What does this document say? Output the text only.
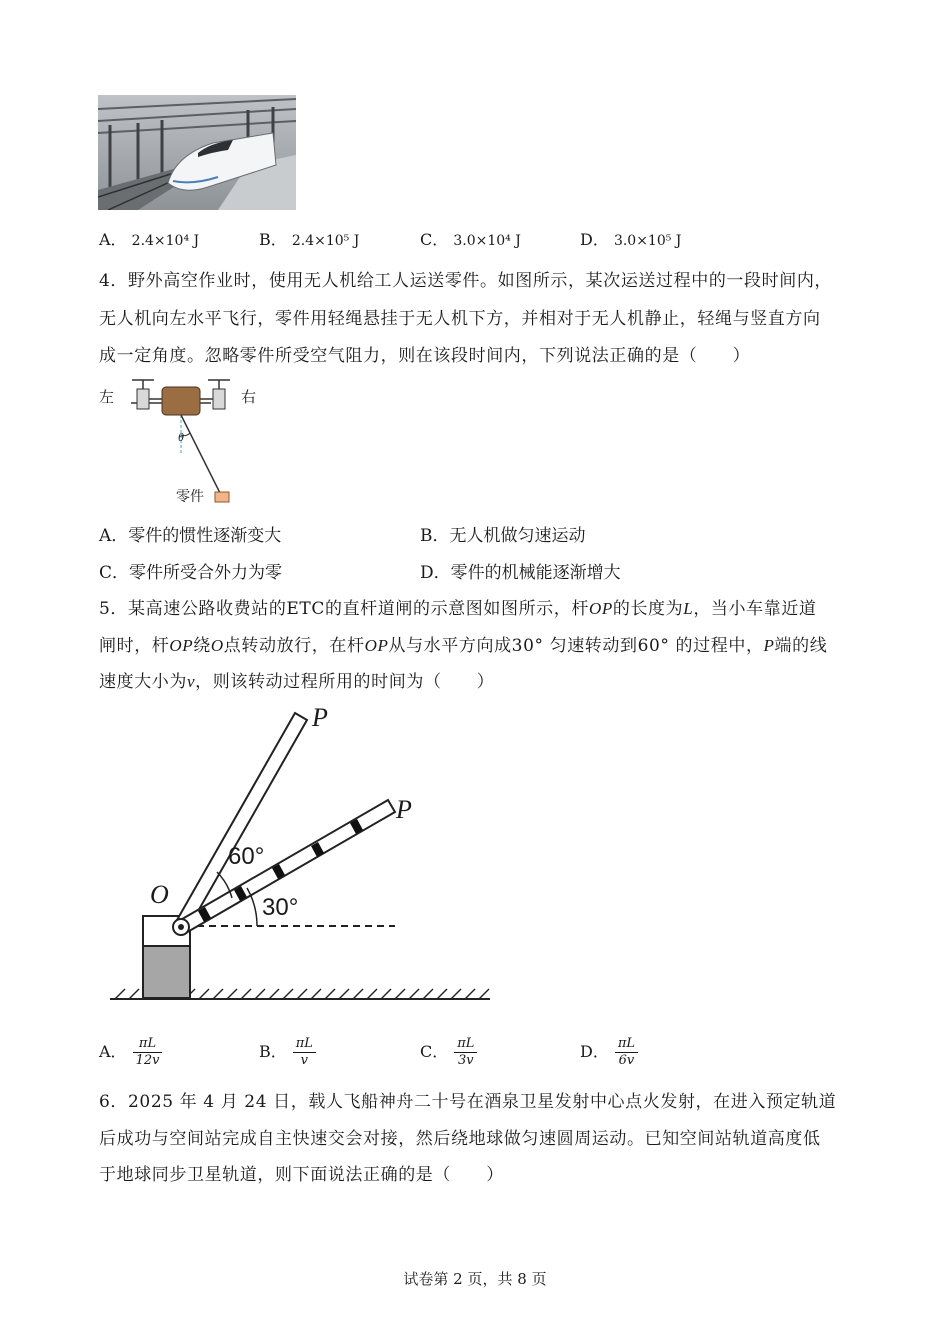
A． 2.4×10⁴ J	B． 2.4×10⁵ J	C． 3.0×10⁴ J	D． 3.0×10⁵ J
4．野外高空作业时，使用无人机给工人运送零件。如图所示，某次运送过程中的一段时间内，
无人机向左水平飞行，零件用轻绳悬挂于无人机下方，并相对于无人机静止，轻绳与竖直方向
成一定角度。忽略零件所受空气阻力，则在该段时间内，下列说法正确的是（　　）
左	右
θ
零件
A．零件的惯性逐渐变大	B．无人机做匀速运动
C．零件所受合外力为零	D．零件的机械能逐渐增大
5．某高速公路收费站的ETC的直杆道闸的示意图如图所示，杆OP的长度为L，当小车靠近道
闸时，杆OP绕O点转动放行，在杆OP从与水平方向成30° 匀速转动到60° 的过程中，P端的线
速度大小为v，则该转动过程所用的时间为（　　）
P
P
O
60°
30°
A． $\frac{\pi L}{12v}$	B． $\frac{\pi L}{v}$	C． $\frac{\pi L}{3v}$	D． $\frac{\pi L}{6v}$
6．2025 年 4 月 24 日，载人飞船神舟二十号在酒泉卫星发射中心点火发射，在进入预定轨道
后成功与空间站完成自主快速交会对接，然后绕地球做匀速圆周运动。已知空间站轨道高度低
于地球同步卫星轨道，则下面说法正确的是（　　）
试卷第 2 页，共 8 页
